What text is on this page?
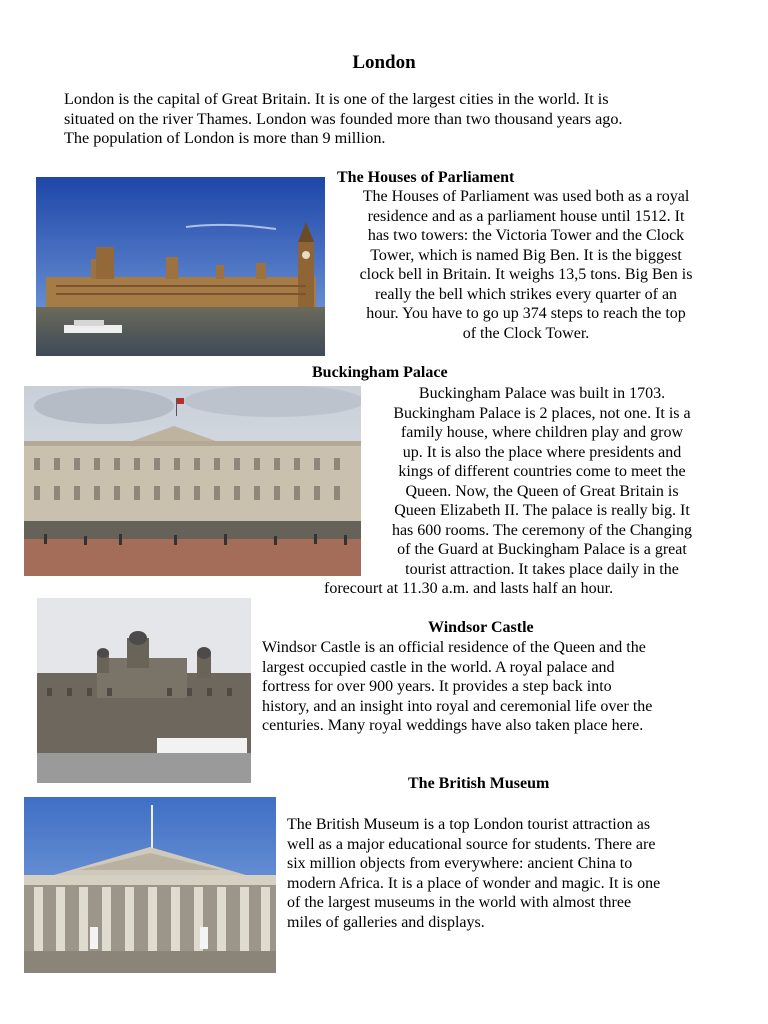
London

London is the capital of Great Britain. It is one of the largest cities in the world. It is

situated on the river Thames. London was founded more than two thousand years ago.

The population of London is more than 9 million.

The Houses of Parliament
The Houses of Parliament was used both as a royal
residence and as a parliament house until 1512. It
has two towers: the Victoria Tower and the Clock
Tower, which is named Big Ben. It is the biggest
clock bell in Britain. It weighs 13,5 tons. Big Ben is
really the bell which strikes every quarter of an
hour. You have to go up 374 steps to reach the top
of the Clock Tower.
Buckingham Palace
Buckingham Palace was built in 1703.
Buckingham Palace is 2 places, not one. It is a
family house, where children play and grow
up. It is also the place where presidents and
kings of different countries come to meet the
Queen. Now, the Queen of Great Britain is
Queen Elizabeth II. The palace is really big. It
has 600 rooms. The ceremony of the Changing
of the Guard at Buckingham Palace is a great
tourist attraction. It takes place daily in the
forecourt at 11.30 a.m. and lasts half an hour.
Windsor Castle
Windsor Castle is an official residence of the Queen and the
largest occupied castle in the world. A royal palace and
fortress for over 900 years. It provides a step back into
history, and an insight into royal and ceremonial life over the
centuries. Many royal weddings have also taken place here.
The British Museum
The British Museum is a top London tourist attraction as
well as a major educational source for students. There are
six million objects from everywhere: ancient China to
modern Africa. It is a place of wonder and magic. It is one
of the largest museums in the world with almost three
miles of galleries and displays.
